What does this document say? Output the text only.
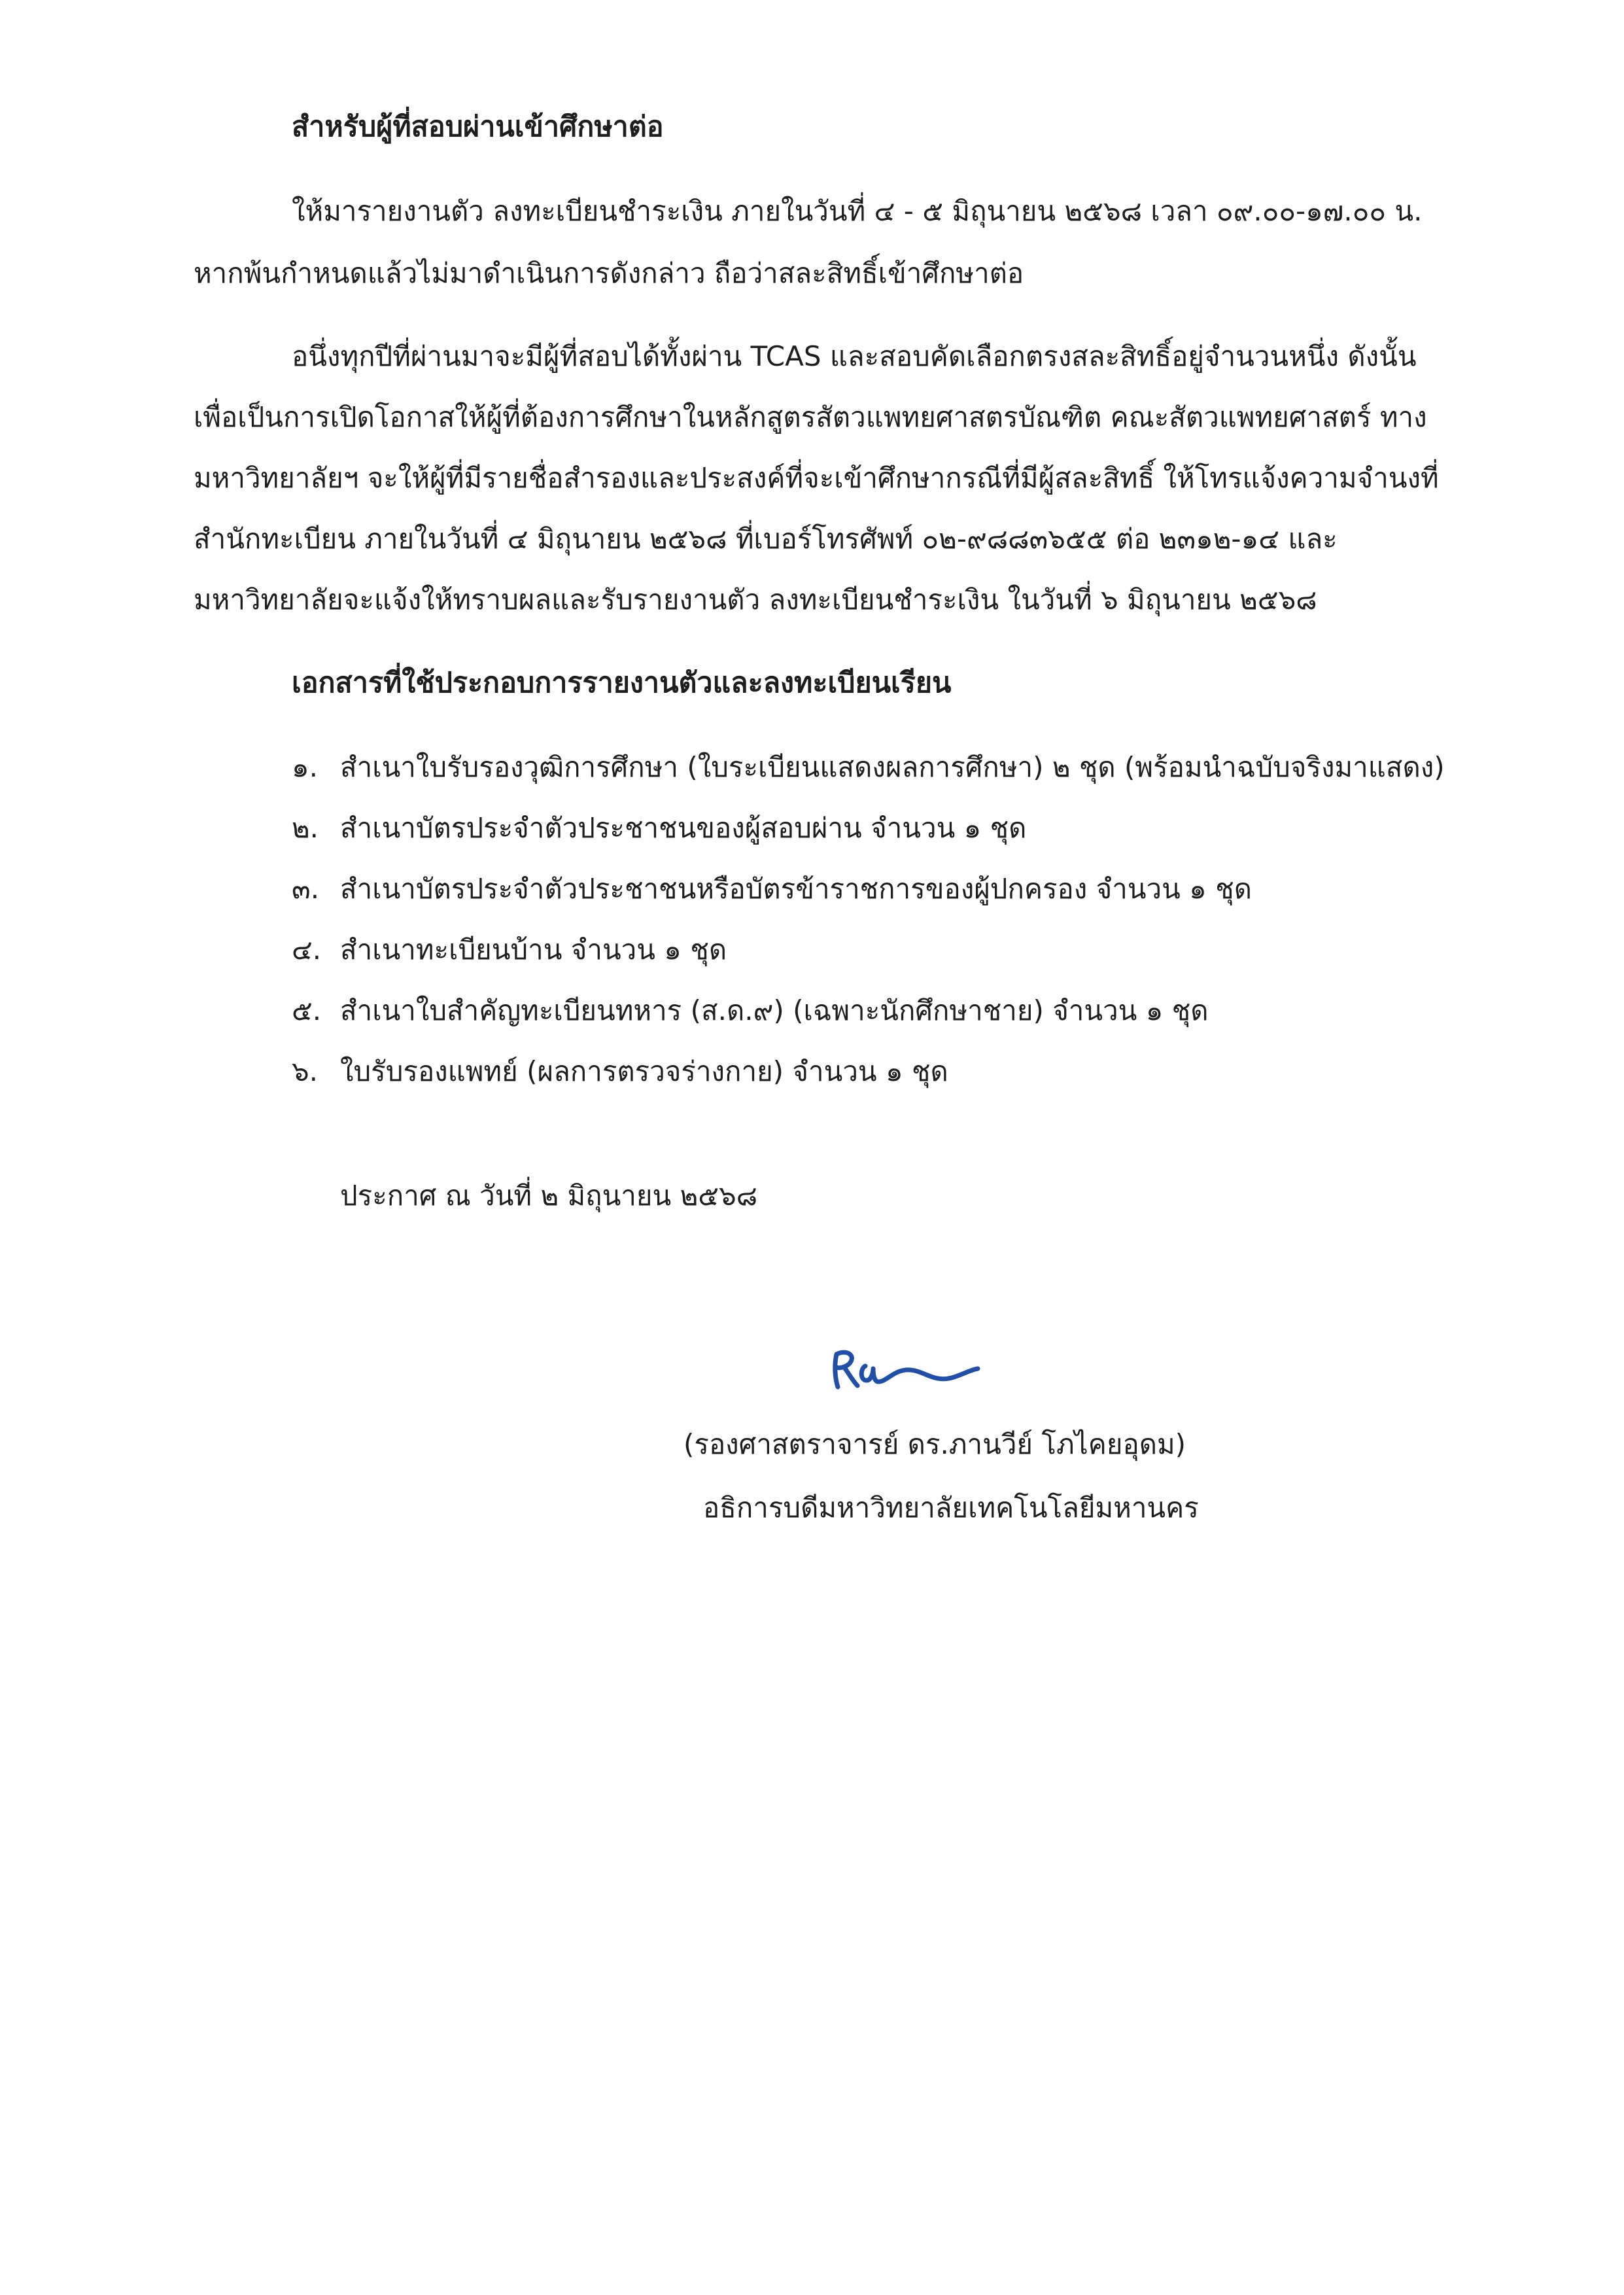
สำหรับผู้ที่สอบผ่านเข้าศึกษาต่อ
ให้มารายงานตัว ลงทะเบียนชำระเงิน ภายในวันที่ ๔ - ๕ มิถุนายน ๒๕๖๘ เวลา ๐๙.๐๐-๑๗.๐๐ น.
หากพ้นกำหนดแล้วไม่มาดำเนินการดังกล่าว ถือว่าสละสิทธิ์เข้าศึกษาต่อ
อนึ่งทุกปีที่ผ่านมาจะมีผู้ที่สอบได้ทั้งผ่าน TCAS และสอบคัดเลือกตรงสละสิทธิ์อยู่จำนวนหนึ่ง ดังนั้น
เพื่อเป็นการเปิดโอกาสให้ผู้ที่ต้องการศึกษาในหลักสูตรสัตวแพทยศาสตรบัณฑิต คณะสัตวแพทยศาสตร์ ทาง
มหาวิทยาลัยฯ จะให้ผู้ที่มีรายชื่อสำรองและประสงค์ที่จะเข้าศึกษากรณีที่มีผู้สละสิทธิ์ ให้โทรแจ้งความจำนงที่
สำนักทะเบียน ภายในวันที่ ๔ มิถุนายน ๒๕๖๘ ที่เบอร์โทรศัพท์ ๐๒-๙๘๘๓๖๕๕ ต่อ ๒๓๑๒-๑๔ และ
มหาวิทยาลัยจะแจ้งให้ทราบผลและรับรายงานตัว ลงทะเบียนชำระเงิน ในวันที่ ๖ มิถุนายน ๒๕๖๘
เอกสารที่ใช้ประกอบการรายงานตัวและลงทะเบียนเรียน
๑. สำเนาใบรับรองวุฒิการศึกษา (ใบระเบียนแสดงผลการศึกษา) ๒ ชุด (พร้อมนำฉบับจริงมาแสดง)
๒. สำเนาบัตรประจำตัวประชาชนของผู้สอบผ่าน จำนวน ๑ ชุด
๓. สำเนาบัตรประจำตัวประชาชนหรือบัตรข้าราชการของผู้ปกครอง จำนวน ๑ ชุด
๔. สำเนาทะเบียนบ้าน จำนวน ๑ ชุด
๕. สำเนาใบสำคัญทะเบียนทหาร (ส.ด.๙) (เฉพาะนักศึกษาชาย) จำนวน ๑ ชุด
๖. ใบรับรองแพทย์ (ผลการตรวจร่างกาย) จำนวน ๑ ชุด
ประกาศ ณ วันที่ ๒ มิถุนายน ๒๕๖๘
(รองศาสตราจารย์ ดร.ภานวีย์ โภไคยอุดม)
อธิการบดีมหาวิทยาลัยเทคโนโลยีมหานคร
